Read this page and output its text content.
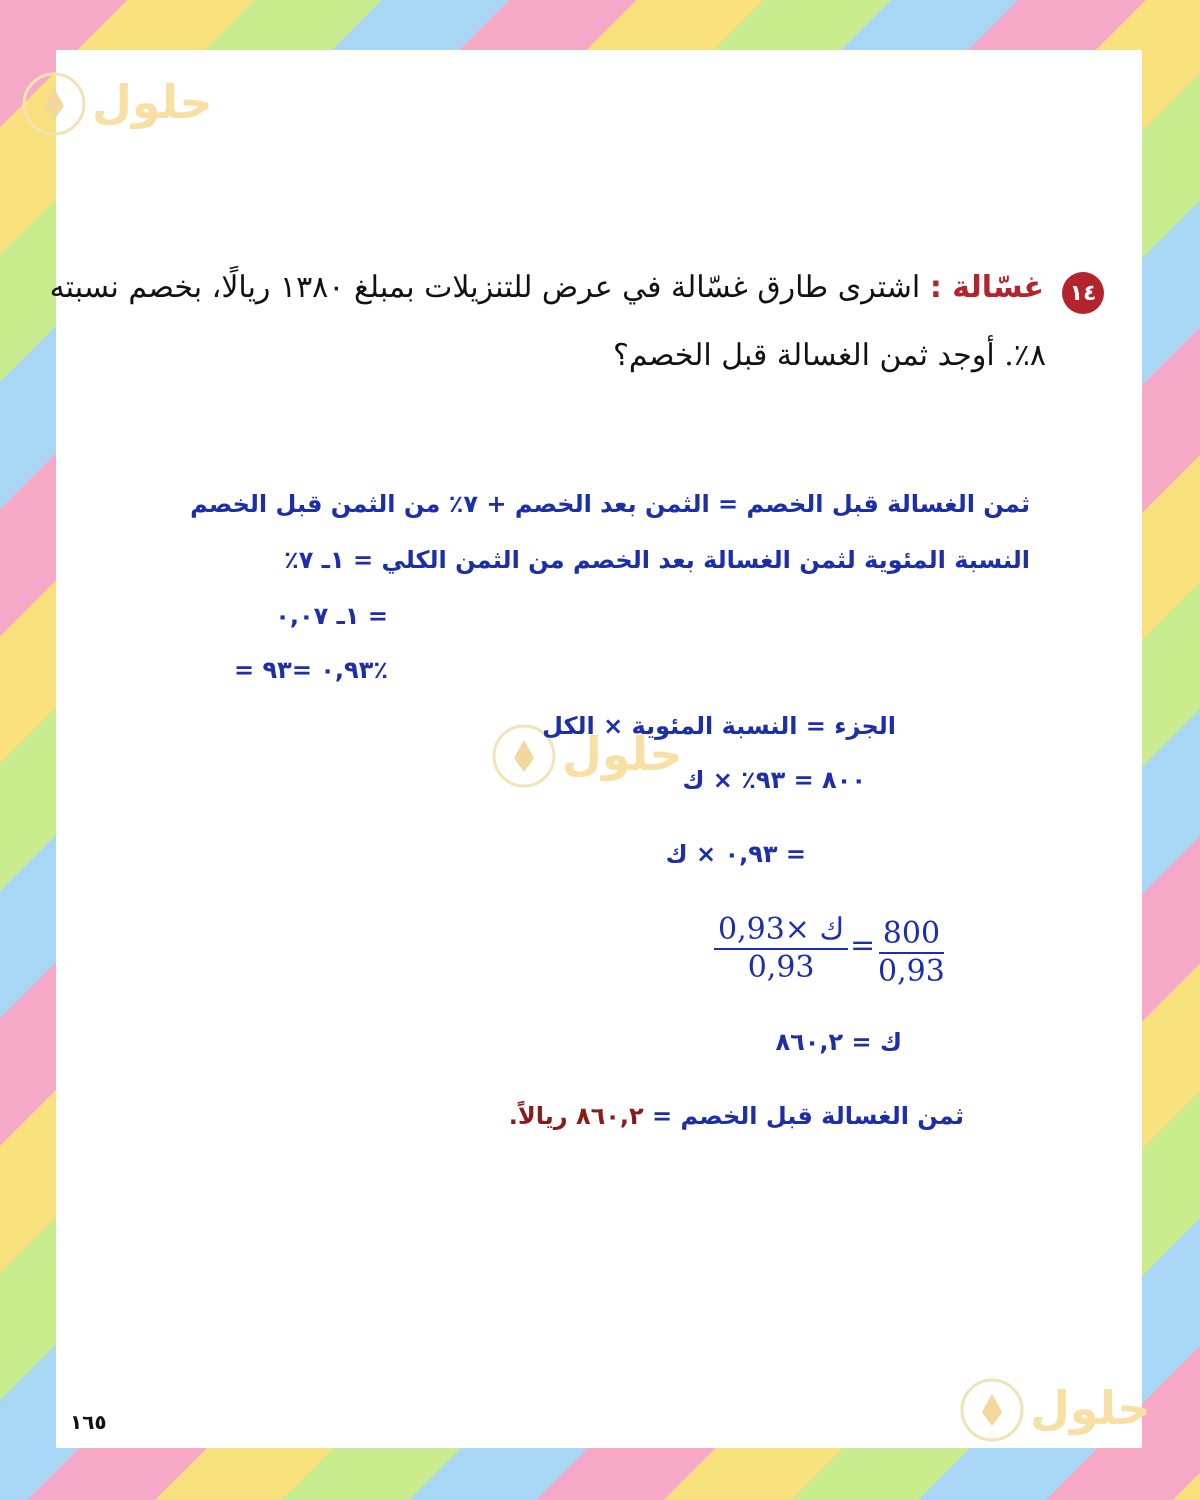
حلول
حلول
حلول
١٤
غسّالة : اشترى طارق غسّالة في عرض للتنزيلات بمبلغ ١٣٨٠ ريالًا، بخصم نسبته
٨٪. أوجد ثمن الغسالة قبل الخصم؟
ثمن الغسالة قبل الخصم = الثمن بعد الخصم + ٧٪ من الثمن قبل الخصم
النسبة المئوية لثمن الغسالة بعد الخصم من الثمن الكلي = ١ـ ٧٪
= ١ـ ٠,٠٧
= ٠,٩٣ =٩٣٪
الجزء = النسبة المئوية × الكل
٨٠٠ = ٩٣٪ × ك
= ٠,٩٣ × ك
ك ×0,93
0,93
= $\frac{800}{0,93}$
ك = ٨٦٠,٢
ثمن الغسالة قبل الخصم = ٨٦٠,٢ ريالاً.
١٦٥
